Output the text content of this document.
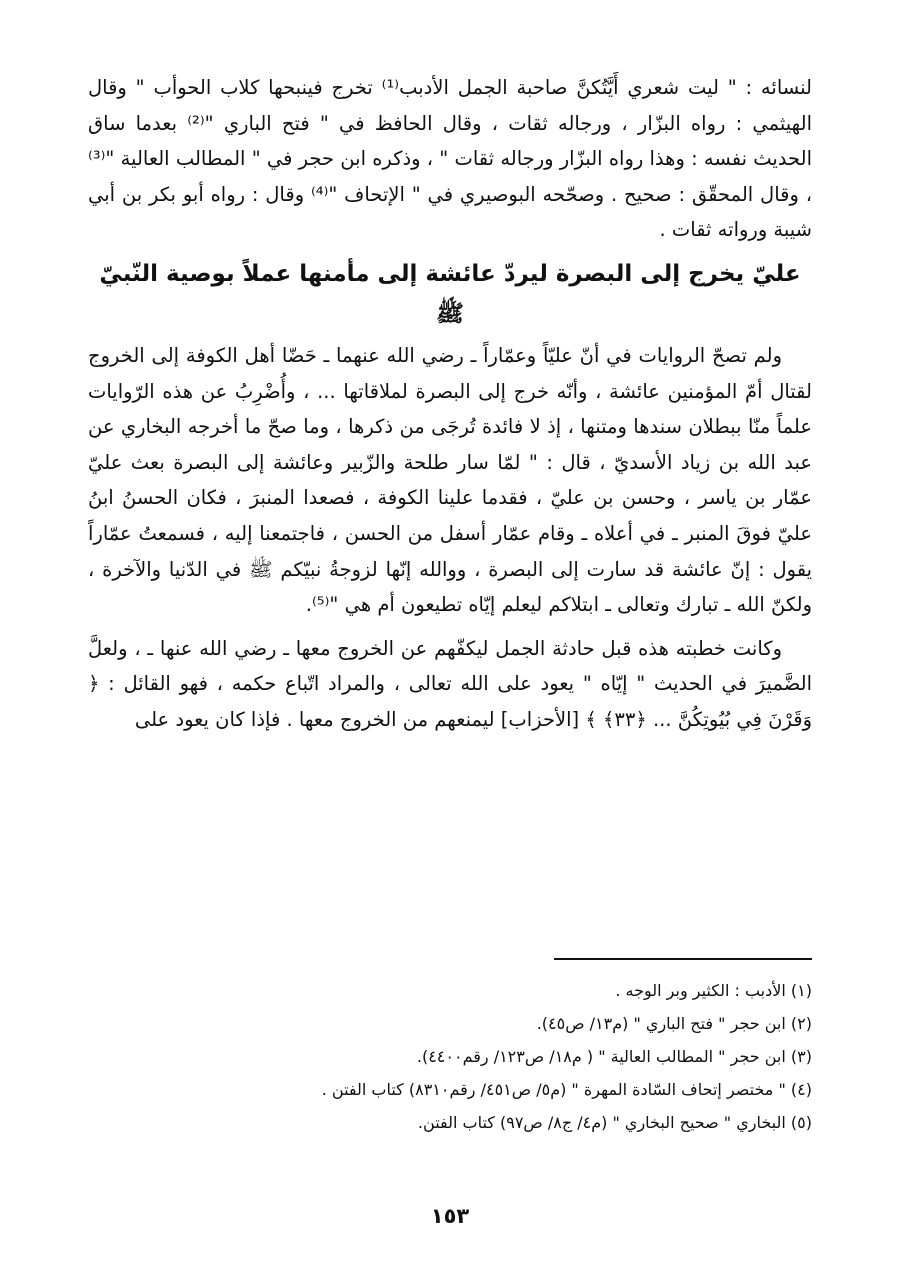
لنسائه : " ليت شعري أَيَّتُكنَّ صاحبة الجمل الأدبب⁽¹⁾ تخرج فينبحها كلاب الحوأب " وقال الهيثمي : رواه البزّار ، ورجاله ثقات ، وقال الحافظ في " فتح الباري "⁽²⁾ بعدما ساق الحديث نفسه : وهذا رواه البزّار ورجاله ثقات " ، وذكره ابن حجر في " المطالب العالية "⁽³⁾ ، وقال المحقّق : صحيح . وصحّحه البوصيري في " الإتحاف "⁽⁴⁾ وقال : رواه أبو بكر بن أبي شيبة ورواته ثقات .

عليّ يخرج إلى البصرة ليردّ عائشة إلى مأمنها عملاً بوصية النّبيّ ﷺ

ولم تصحّ الروايات في أنّ عليّاً وعمّاراً ـ رضي الله عنهما ـ حَضّا أهل الكوفة إلى الخروج لقتال أمّ المؤمنين عائشة ، وأنّه خرج إلى البصرة لملاقاتها ... ، وأُضْرِبُ عن هذه الرّوايات علماً منّا ببطلان سندها ومتنها ، إذ لا فائدة تُرجَى من ذكرها ، وما صحّ ما أخرجه البخاري عن عبد الله بن زياد الأسديّ ، قال : " لمّا سار طلحة والزّبير وعائشة إلى البصرة بعث عليّ عمّار بن ياسر ، وحسن بن عليّ ، فقدما علينا الكوفة ، فصعدا المنبرَ ، فكان الحسنُ ابنُ عليّ فوقَ المنبر ـ في أعلاه ـ وقام عمّار أسفل من الحسن ، فاجتمعنا إليه ، فسمعتُ عمّاراً يقول : إنّ عائشة قد سارت إلى البصرة ، ووالله إنّها لزوجةُ نبيّكم ﷺ في الدّنيا والآخرة ، ولكنّ الله ـ تبارك وتعالى ـ ابتلاكم ليعلم إيّاه تطيعون أم هي "⁽⁵⁾.

وكانت خطبته هذه قبل حادثة الجمل ليكفّهم عن الخروج معها ـ رضي الله عنها ـ ، ولعلَّ الضَّميرَ في الحديث " إيّاه " يعود على الله تعالى ، والمراد اتّباع حكمه ، فهو القائل : ﴿ وَقَرْنَ فِي بُيُوتِكُنَّ ... ﴿٣٣﴾ ﴾ [الأحزاب] ليمنعهم من الخروج معها . فإذا كان يعود على

(١) الأدبب : الكثير وبر الوجه .
(٢) ابن حجر " فتح الباري " (م١٣/ ص٤٥).
(٣) ابن حجر " المطالب العالية " ( م١٨/ ص١٢٣/ رقم٤٤٠٠).
(٤) " مختصر إتحاف السّادة المهرة " (م٥/ ص٤٥١/ رقم٨٣١٠) كتاب الفتن .
(٥) البخاري " صحيح البخاري " (م٤/ ج٨/ ص٩٧) كتاب الفتن.
١٥٣
